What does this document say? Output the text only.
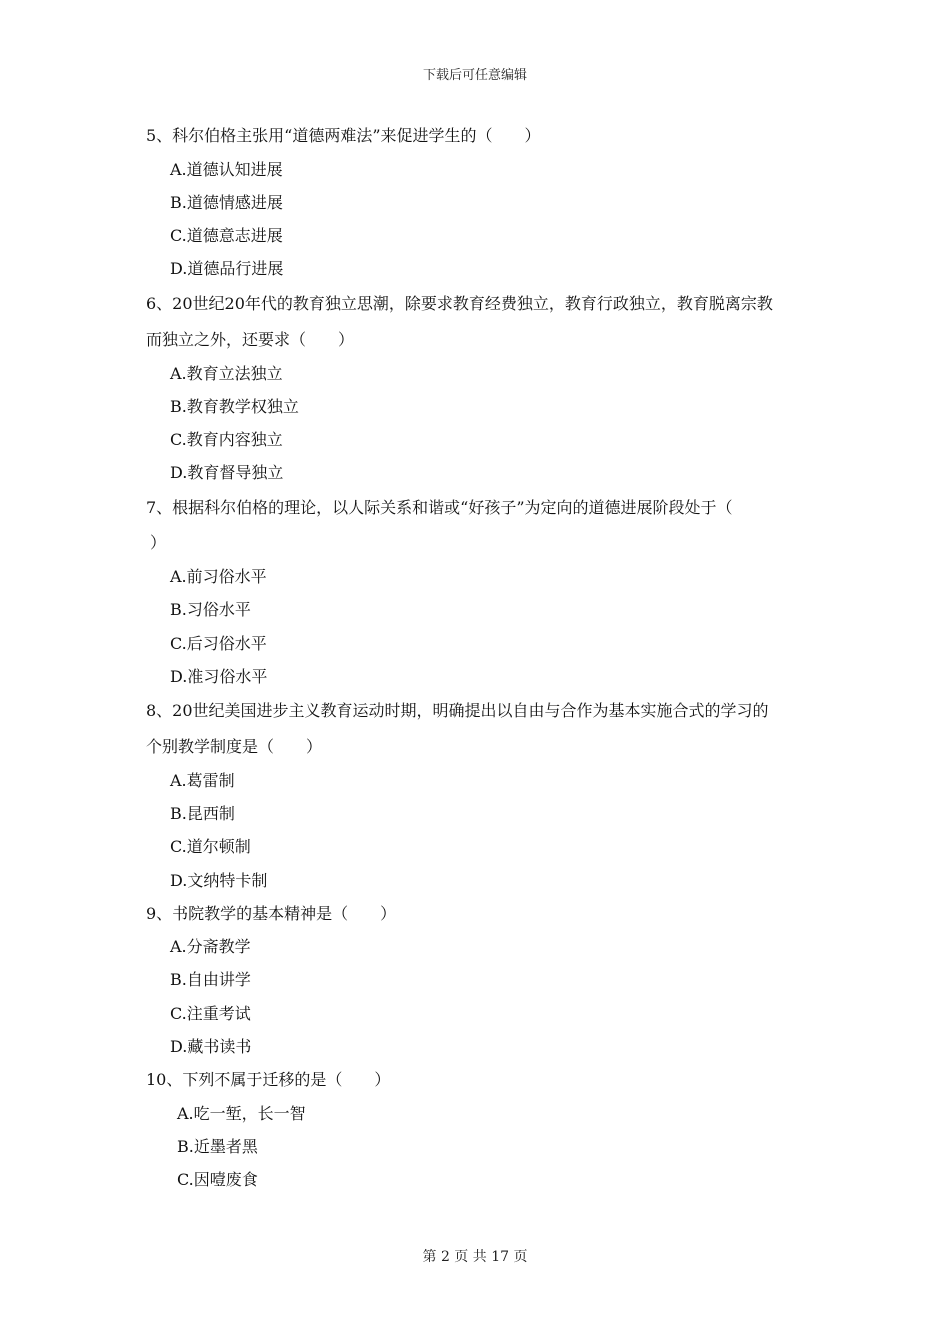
下载后可任意编辑
5、科尔伯格主张用“道德两难法”来促进学生的（　　）
A.道德认知进展
B.道德情感进展
C.道德意志进展
D.道德品行进展
6、20世纪20年代的教育独立思潮，除要求教育经费独立，教育行政独立，教育脱离宗教
而独立之外，还要求（　　）
A.教育立法独立
B.教育教学权独立
C.教育内容独立
D.教育督导独立
7、根据科尔伯格的理论，以人际关系和谐或“好孩子”为定向的道德进展阶段处于（
）
A.前习俗水平
B.习俗水平
C.后习俗水平
D.准习俗水平
8、20世纪美国进步主义教育运动时期，明确提出以自由与合作为基本实施合式的学习的
个别教学制度是（　　）
A.葛雷制
B.昆西制
C.道尔顿制
D.文纳特卡制
9、书院教学的基本精神是（　　）
A.分斋教学
B.自由讲学
C.注重考试
D.藏书读书
10、下列不属于迁移的是（　　）
A.吃一堑，长一智
B.近墨者黑
C.因噎废食
第 2 页 共 17 页
